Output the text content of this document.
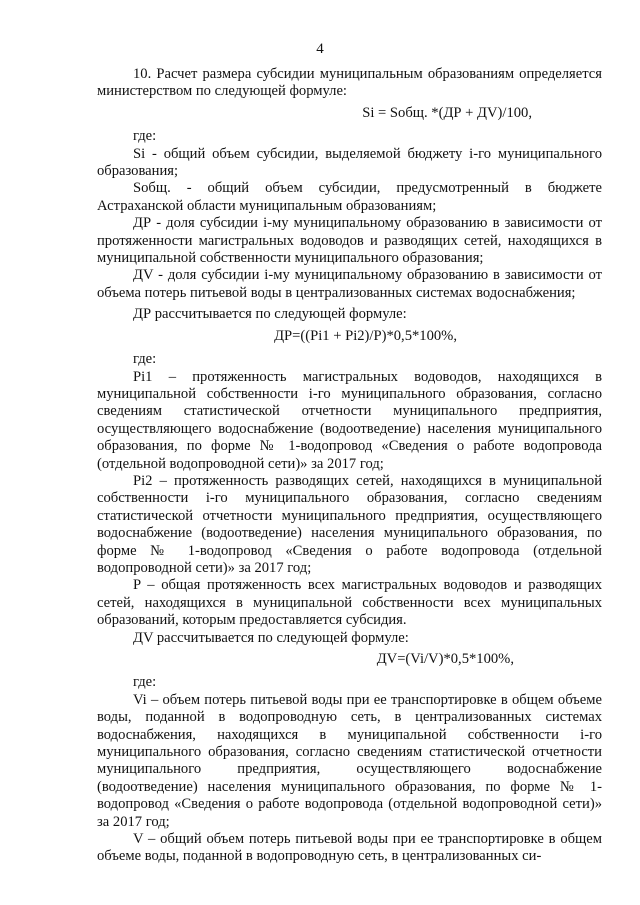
4

10. Расчет размера субсидии муниципальным образованиям определяется министерством по следующей формуле:

Si = Sобщ. *(ДР + ДV)/100,

где:

Si - общий объем субсидии, выделяемой бюджету i-го муниципального образования;

Sобщ. - общий объем субсидии, предусмотренный в бюджете Астраханской области муниципальным образованиям;

ДР - доля субсидии i-му муниципальному образованию в зависимости от протяженности магистральных водоводов и разводящих сетей, находящихся в муниципальной собственности муниципального образования;

ДV - доля субсидии i-му муниципальному образованию в зависимости от объема потерь питьевой воды в централизованных системах водоснабжения;

ДР рассчитывается по следующей формуле:

ДР=((Pi1 + Pi2)/P)*0,5*100%,

где:

Pi1 – протяженность магистральных водоводов, находящихся в муниципальной собственности i-го муниципального образования, согласно сведениям статистической отчетности муниципального предприятия, осуществляющего водоснабжение (водоотведение) населения муниципального образования, по форме № 1-водопровод «Сведения о работе водопровода (отдельной водопроводной сети)» за 2017 год;

Pi2 – протяженность разводящих сетей, находящихся в муниципальной собственности i-го муниципального образования, согласно сведениям статистической отчетности муниципального предприятия, осуществляющего водоснабжение (водоотведение) населения муниципального образования, по форме № 1-водопровод «Сведения о работе водопровода (отдельной водопроводной сети)» за 2017 год;

P – общая протяженность всех магистральных водоводов и разводящих сетей, находящихся в муниципальной собственности всех муниципальных образований, которым предоставляется субсидия.

ДV рассчитывается по следующей формуле:

ДV=(Vi/V)*0,5*100%,

где:

Vi – объем потерь питьевой воды при ее транспортировке в общем объеме воды, поданной в водопроводную сеть, в централизованных системах водоснабжения, находящихся в муниципальной собственности i-го муниципального образования, согласно сведениям статистической отчетности муниципального предприятия, осуществляющего водоснабжение (водоотведение) населения муниципального образования, по форме № 1-водопровод «Сведения о работе водопровода (отдельной водопроводной сети)» за 2017 год;

V – общий объем потерь питьевой воды при ее транспортировке в общем объеме воды, поданной в водопроводную сеть, в централизованных си-
